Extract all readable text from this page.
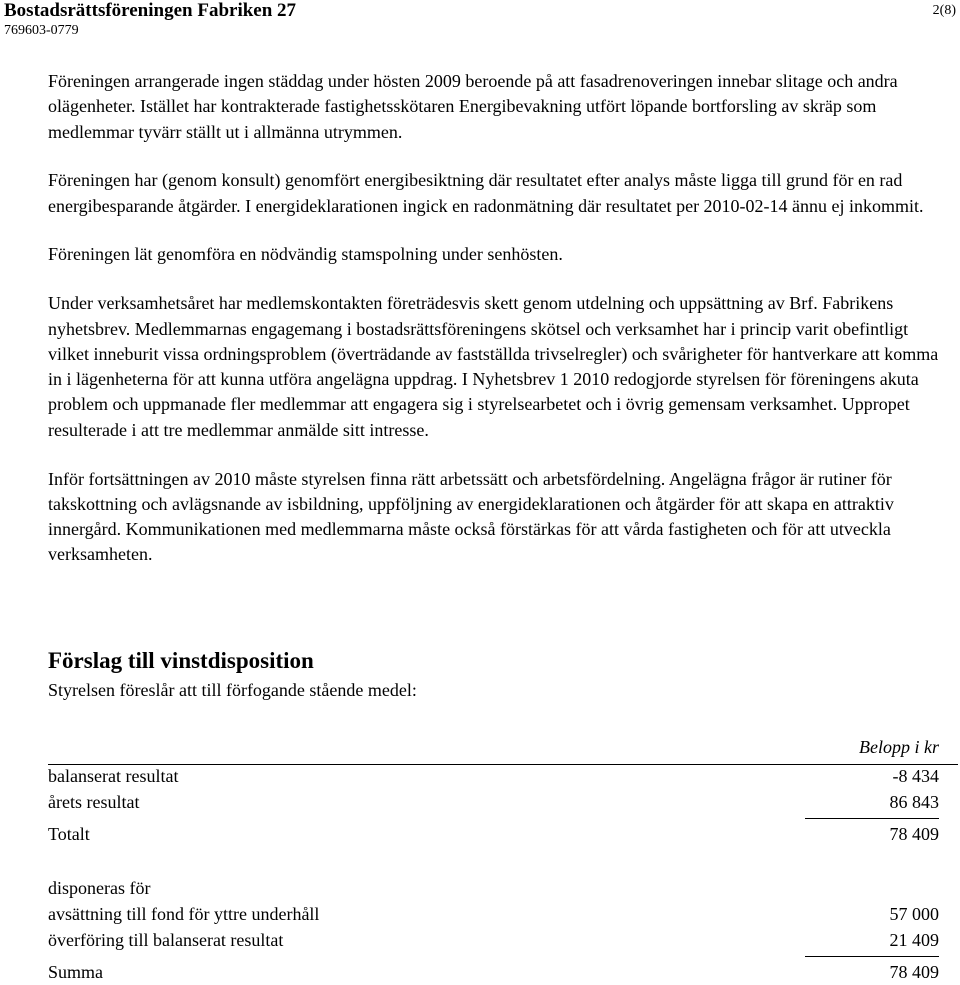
Bostadsrättsföreningen Fabriken 27
769603-0779
2(8)

Föreningen arrangerade ingen städdag under hösten 2009 beroende på att fasadrenoveringen innebar slitage och andra olägenheter. Istället har kontrakterade fastighetsskötaren Energibevakning utfört löpande bortforsling av skräp som medlemmar tyvärr ställt ut i allmänna utrymmen.

Föreningen har (genom konsult) genomfört energibesiktning där resultatet efter analys måste ligga till grund för en rad energibesparande åtgärder. I energideklarationen ingick en radonmätning där resultatet per 2010-02-14 ännu ej inkommit.

Föreningen lät genomföra en nödvändig stamspolning under senhösten.

Under verksamhetsåret har medlemskontakten företrädesvis skett genom utdelning och uppsättning av Brf. Fabrikens nyhetsbrev. Medlemmarnas engagemang i bostadsrättsföreningens skötsel och verksamhet har i princip varit obefintligt vilket inneburit vissa ordningsproblem (överträdande av fastställda trivselregler) och svårigheter för hantverkare att komma in i lägenheterna för att kunna utföra angelägna uppdrag. I Nyhetsbrev 1 2010 redogjorde styrelsen för föreningens akuta problem och uppmanade fler medlemmar att engagera sig i styrelsearbetet och i övrig gemensam verksamhet. Uppropet resulterade i att tre medlemmar anmälde sitt intresse.

Inför fortsättningen av 2010 måste styrelsen finna rätt arbetssätt och arbetsfördelning. Angelägna frågor är rutiner för takskottning och avlägsnande av isbildning, uppföljning av energideklarationen och åtgärder för att skapa en attraktiv innergård. Kommunikationen med medlemmarna måste också förstärkas för att vårda fastigheten och för att utveckla verksamheten.

Förslag till vinstdisposition
Styrelsen föreslår att till förfogande stående medel:
Belopp i kr
balanserat resultat	-8 434
årets resultat	86 843
Totalt	78 409
disponeras för
avsättning till fond för yttre underhåll	57 000
överföring till balanserat resultat	21 409
Summa	78 409
